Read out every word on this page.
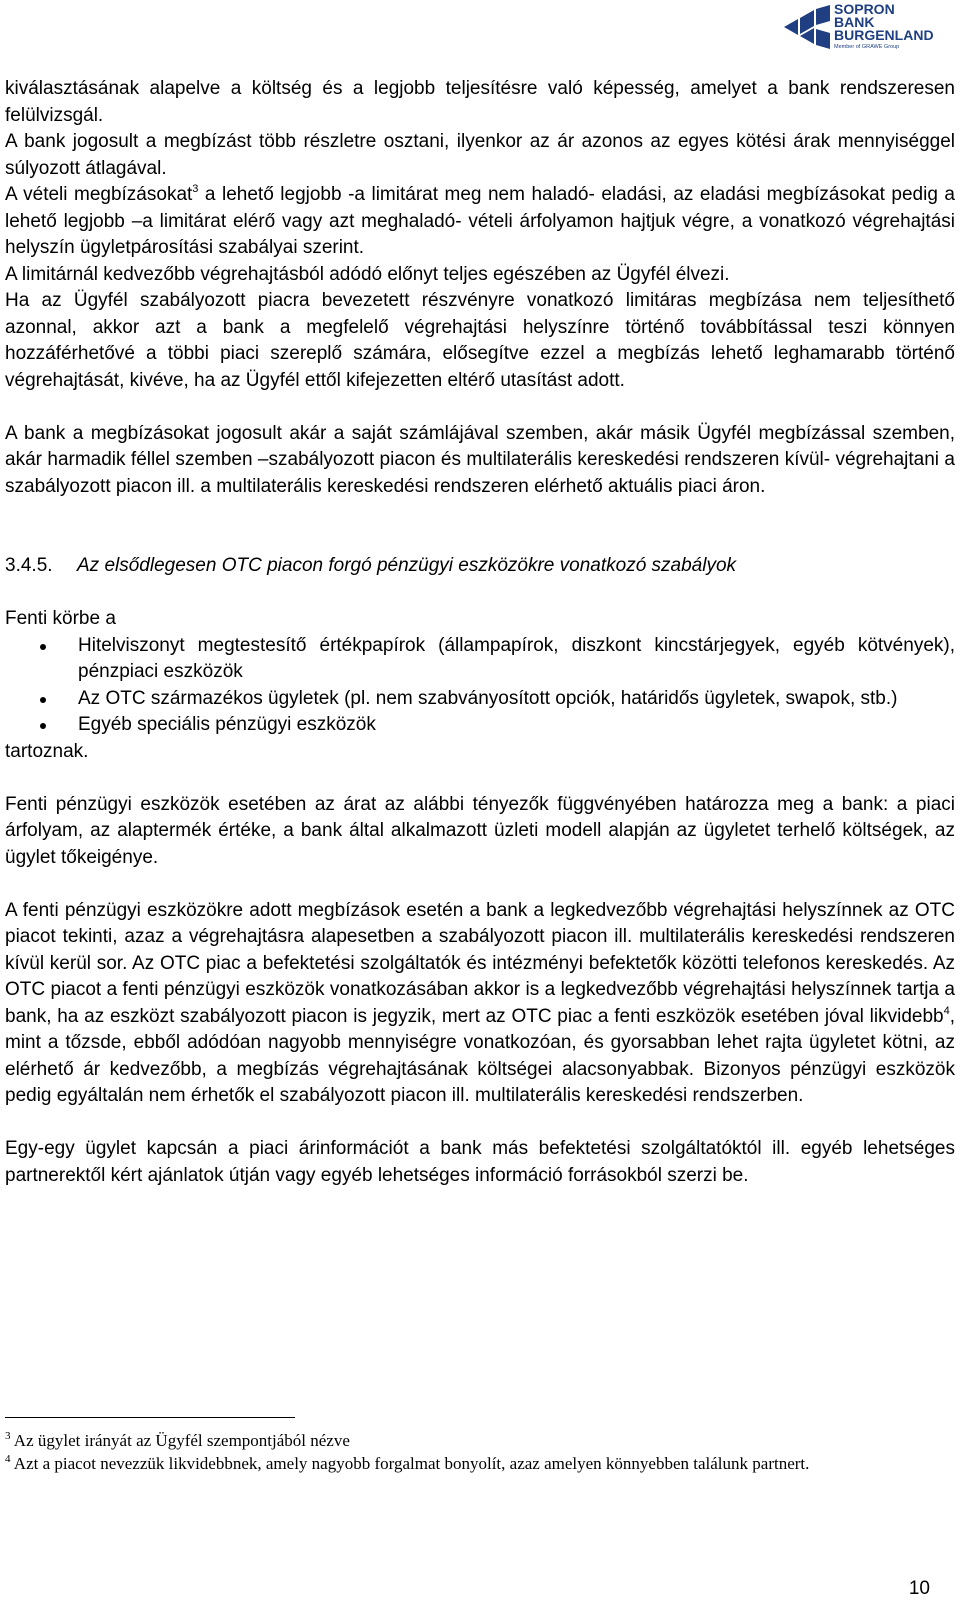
SOPRON
BANK
BURGENLAND
Member of GRAWE Group

kiválasztásának alapelve a költség és a legjobb teljesítésre való képesség, amelyet a bank rendszeresen felülvizsgál.

A bank jogosult a megbízást több részletre osztani, ilyenkor az ár azonos az egyes kötési árak mennyiséggel súlyozott átlagával.

A vételi megbízásokat$^3$ a lehető legjobb -a limitárat meg nem haladó- eladási, az eladási megbízásokat pedig a lehető legjobb –a limitárat elérő vagy azt meghaladó- vételi árfolyamon hajtjuk végre, a vonatkozó végrehajtási helyszín ügyletpárosítási szabályai szerint.

A limitárnál kedvezőbb végrehajtásból adódó előnyt teljes egészében az Ügyfél élvezi.

Ha az Ügyfél szabályozott piacra bevezetett részvényre vonatkozó limitáras megbízása nem teljesíthető azonnal, akkor azt a bank a megfelelő végrehajtási helyszínre történő továbbítással teszi könnyen hozzáférhetővé a többi piaci szereplő számára, elősegítve ezzel a megbízás lehető leghamarabb történő végrehajtását, kivéve, ha az Ügyfél ettől kifejezetten eltérő utasítást adott.

A bank a megbízásokat jogosult akár a saját számlájával szemben, akár másik Ügyfél megbízással szemben, akár harmadik féllel szemben –szabályozott piacon és multilaterális kereskedési rendszeren kívül- végrehajtani a szabályozott piacon ill. a multilaterális kereskedési rendszeren elérhető aktuális piaci áron.

3.4.5. Az elsődlegesen OTC piacon forgó pénzügyi eszközökre vonatkozó szabályok

Fenti körbe a

Hitelviszonyt megtestesítő értékpapírok (állampapírok, diszkont kincstárjegyek, egyéb kötvények), pénzpiaci eszközök
Az OTC származékos ügyletek (pl. nem szabványosított opciók, határidős ügyletek, swapok, stb.)
Egyéb speciális pénzügyi eszközök

tartoznak.

Fenti pénzügyi eszközök esetében az árat az alábbi tényezők függvényében határozza meg a bank: a piaci árfolyam, az alaptermék értéke, a bank által alkalmazott üzleti modell alapján az ügyletet terhelő költségek, az ügylet tőkeigénye.

A fenti pénzügyi eszközökre adott megbízások esetén a bank a legkedvezőbb végrehajtási helyszínnek az OTC piacot tekinti, azaz a végrehajtásra alapesetben a szabályozott piacon ill. multilaterális kereskedési rendszeren kívül kerül sor. Az OTC piac a befektetési szolgáltatók és intézményi befektetők közötti telefonos kereskedés. Az OTC piacot a fenti pénzügyi eszközök vonatkozásában akkor is a legkedvezőbb végrehajtási helyszínnek tartja a bank, ha az eszközt szabályozott piacon is jegyzik, mert az OTC piac a fenti eszközök esetében jóval likvidebb$^4$, mint a tőzsde, ebből adódóan nagyobb mennyiségre vonatkozóan, és gyorsabban lehet rajta ügyletet kötni, az elérhető ár kedvezőbb, a megbízás végrehajtásának költségei alacsonyabbak. Bizonyos pénzügyi eszközök pedig egyáltalán nem érhetők el szabályozott piacon ill. multilaterális kereskedési rendszerben.

Egy-egy ügylet kapcsán a piaci árinformációt a bank más befektetési szolgáltatóktól ill. egyéb lehetséges partnerektől kért ajánlatok útján vagy egyéb lehetséges információ forrásokból szerzi be.

$^3$ Az ügylet irányát az Ügyfél szempontjából nézve

$^4$ Azt a piacot nevezzük likvidebbnek, amely nagyobb forgalmat bonyolít, azaz amelyen könnyebben találunk partnert.

10
